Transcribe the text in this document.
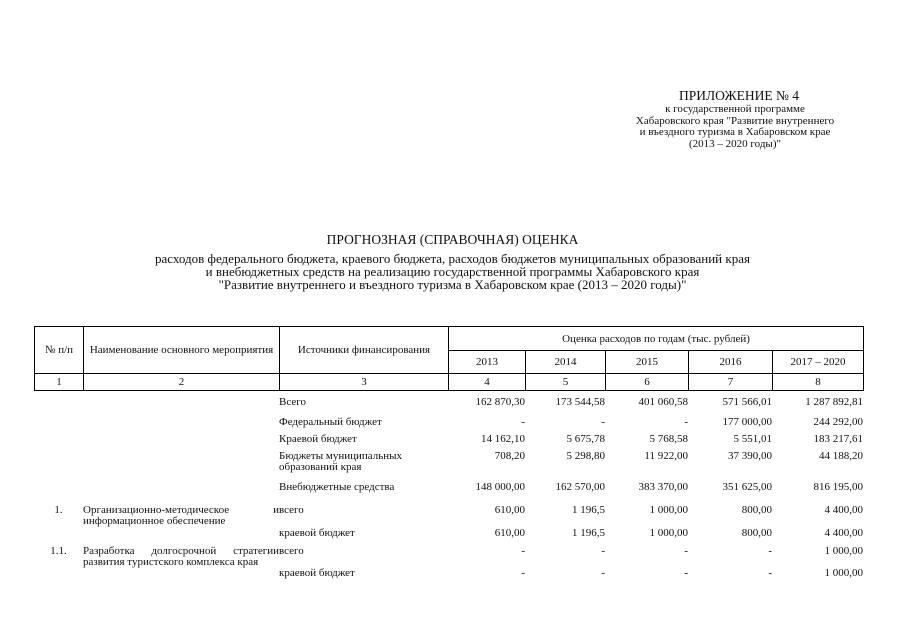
ПРИЛОЖЕНИЕ № 4
к государственной программе
Хабаровского края "Развитие внутреннего
и въездного туризма в Хабаровском крае
(2013 – 2020 годы)"
ПРОГНОЗНАЯ (СПРАВОЧНАЯ) ОЦЕНКА
расходов федерального бюджета, краевого бюджета, расходов бюджетов муниципальных образований края
и внебюджетных средств на реализацию государственной программы Хабаровского края
"Развитие внутреннего и въездного туризма в Хабаровском крае (2013 – 2020 годы)"
№ п/п	Наименование основного мероприятия	Источники финансирования	Оценка расходов по годам (тыс. рублей)				
			2013	2014	2015	2016	2017 – 2020
1	2	3	4	5	6	7	8
		Всего	162 870,30	173 544,58	401 060,58	571 566,01	1 287 892,81
		Федеральный бюджет	-	-	-	177 000,00	244 292,00
		Краевой бюджет	14 162,10	5 675,78	5 768,58	5 551,01	183 217,61
		Бюджеты муниципальных образований края	708,20	5 298,80	11 922,00	37 390,00	44 188,20
		Внебюджетные средства	148 000,00	162 570,00	383 370,00	351 625,00	816 195,00
1.	Организационно-методическое и информационное обеспечение	всего	610,00	1 196,5	1 000,00	800,00	4 400,00
		краевой бюджет	610,00	1 196,5	1 000,00	800,00	4 400,00
1.1.	Разработка долгосрочной стратегии развития туристского комплекса края	всего	-	-	-	-	1 000,00
		краевой бюджет	-	-	-	-	1 000,00
